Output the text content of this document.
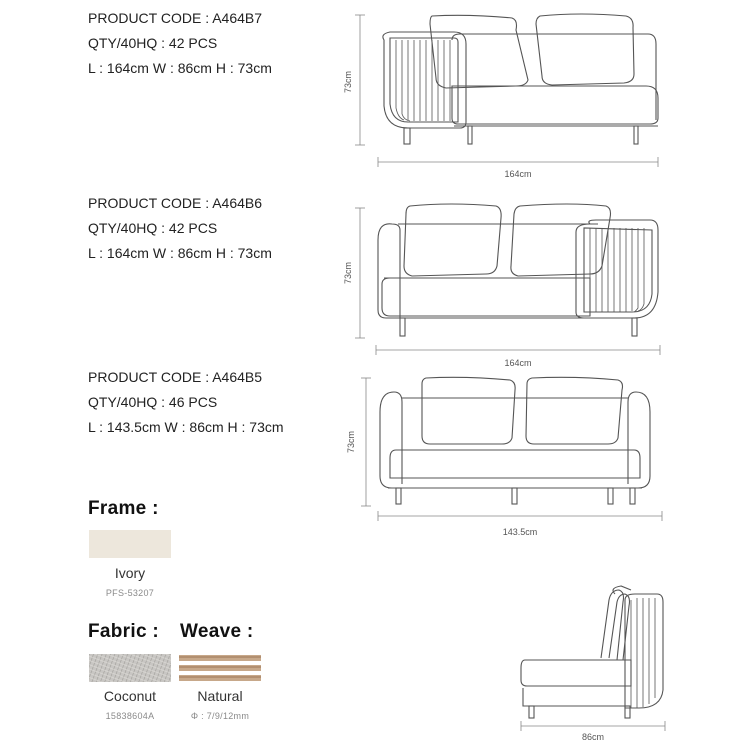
PRODUCT CODE : A464B7
QTY/40HQ : 42 PCS
L : 164cm W : 86cm H : 73cm
73cm
164cm
PRODUCT CODE : A464B6
QTY/40HQ : 42 PCS
L : 164cm W : 86cm H : 73cm
73cm
164cm
PRODUCT CODE : A464B5
QTY/40HQ : 46 PCS
L : 143.5cm W : 86cm H : 73cm
73cm
143.5cm
Frame :
Ivory
PFS-53207
Fabric :
Coconut
15838604A
Weave :
Natural
Φ : 7/9/12mm
86cm
